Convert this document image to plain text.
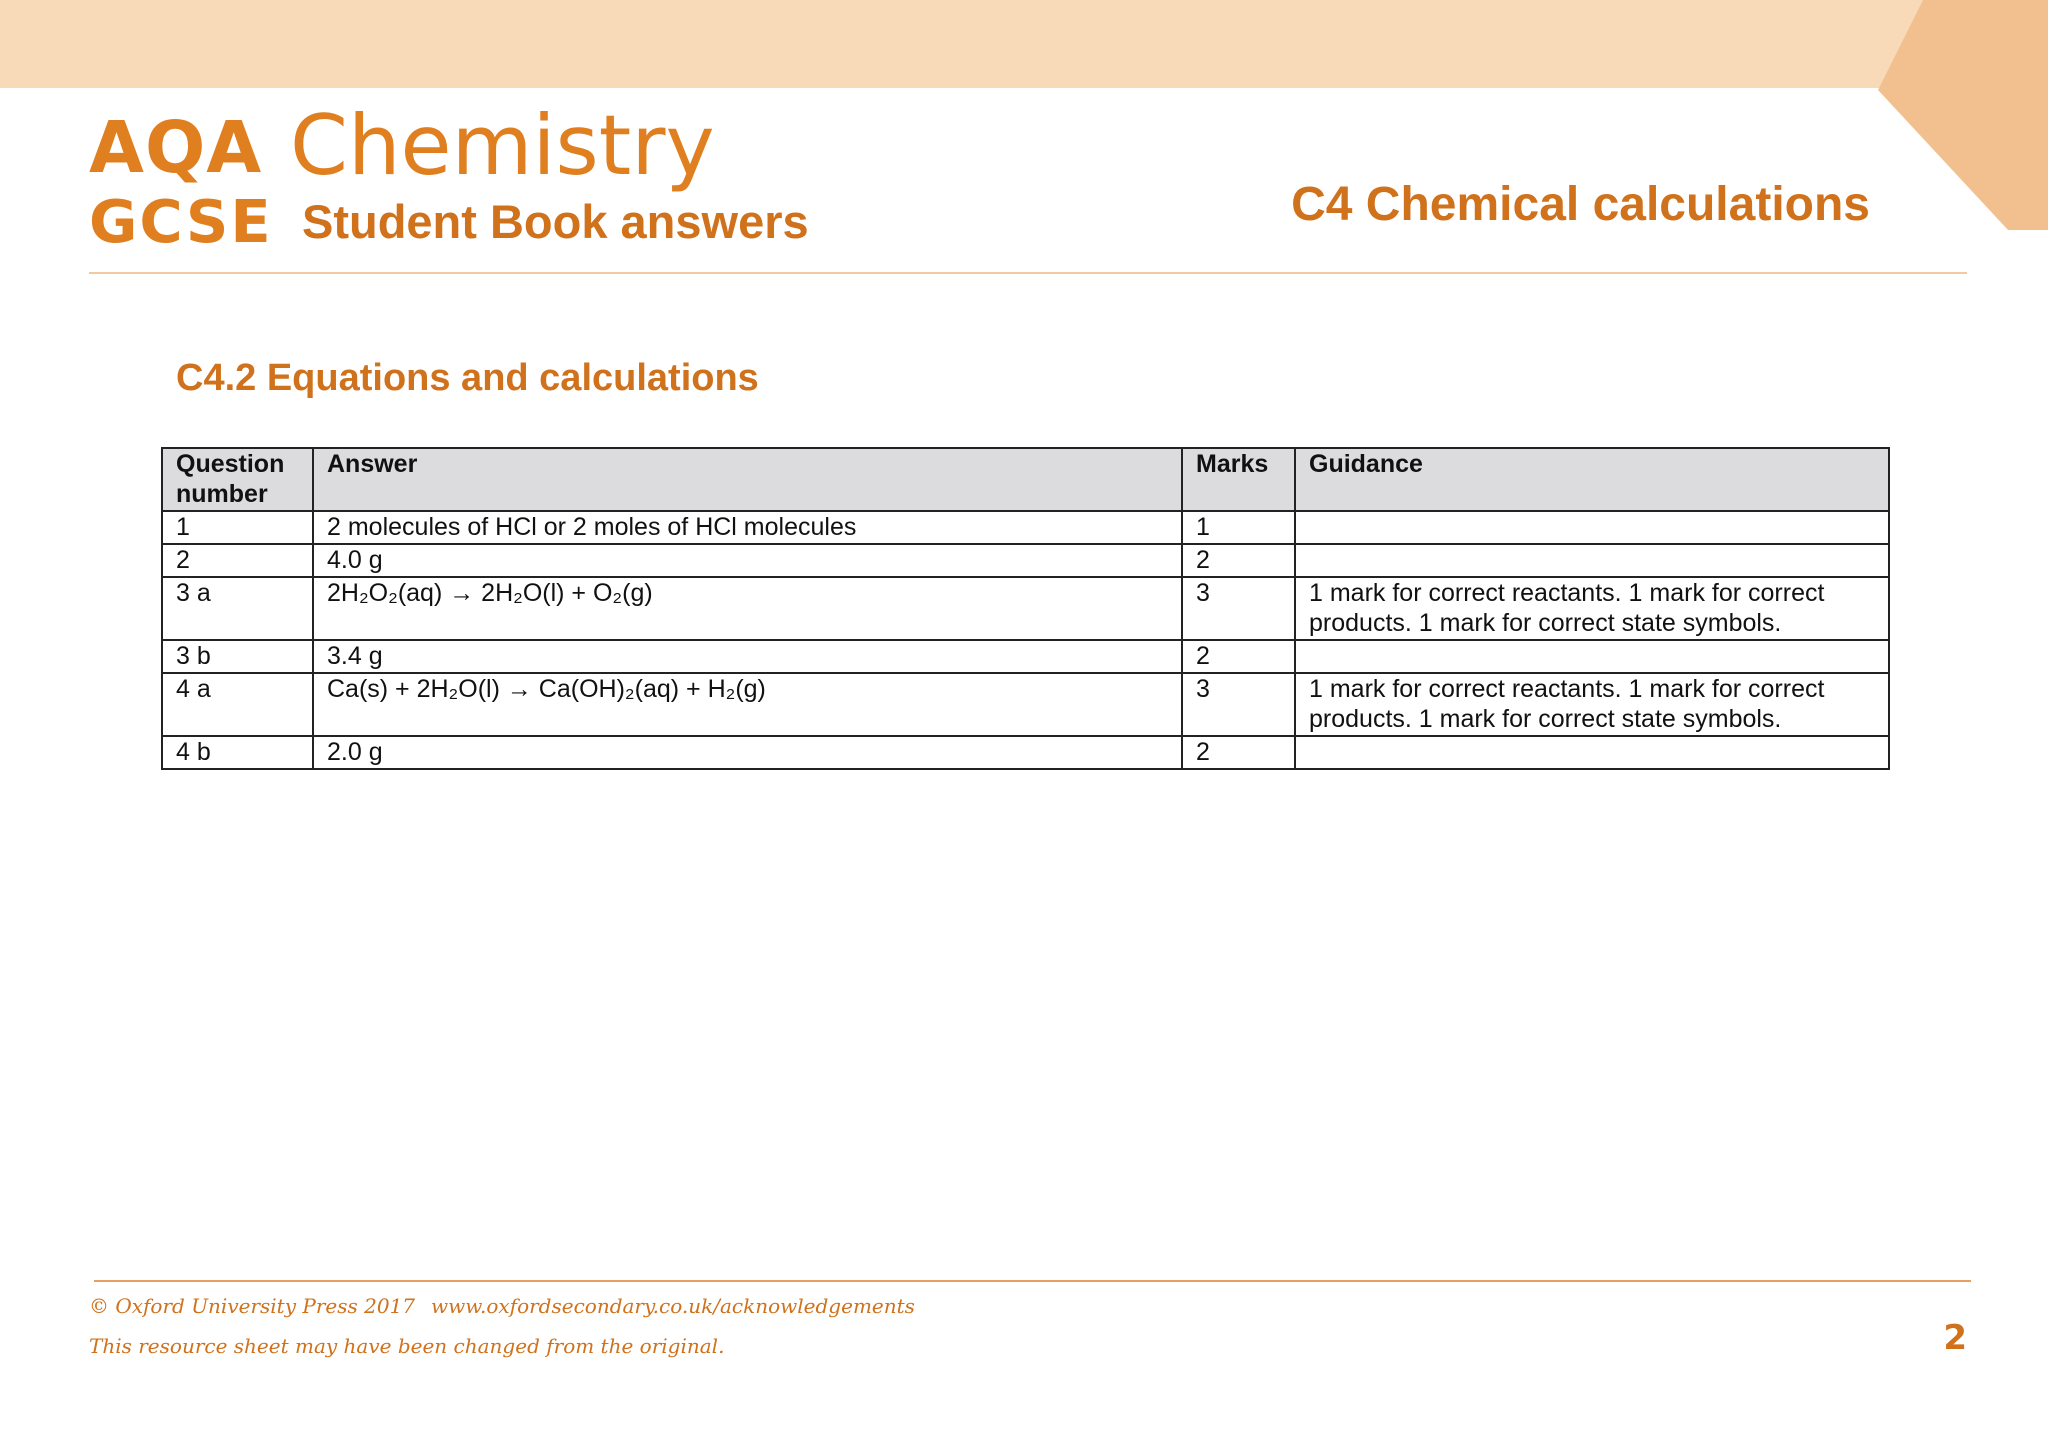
AQA
GCSE
Chemistry
Student Book answers	C4 Chemical calculations
C4.2 Equations and calculations
Question number	Answer	Marks	Guidance
1	2 molecules of HCl or 2 moles of HCl molecules	1	
2	4.0 g	2	
3 a	2H₂O₂(aq) → 2H₂O(l) + O₂(g)	3	1 mark for correct reactants. 1 mark for correct products. 1 mark for correct state symbols.
3 b	3.4 g	2	
4 a	Ca(s) + 2H₂O(l) → Ca(OH)₂(aq) + H₂(g)	3	1 mark for correct reactants. 1 mark for correct products. 1 mark for correct state symbols.
4 b	2.0 g	2	
© Oxford University Press 2017 www.oxfordsecondary.co.uk/acknowledgements
This resource sheet may have been changed from the original.	2
